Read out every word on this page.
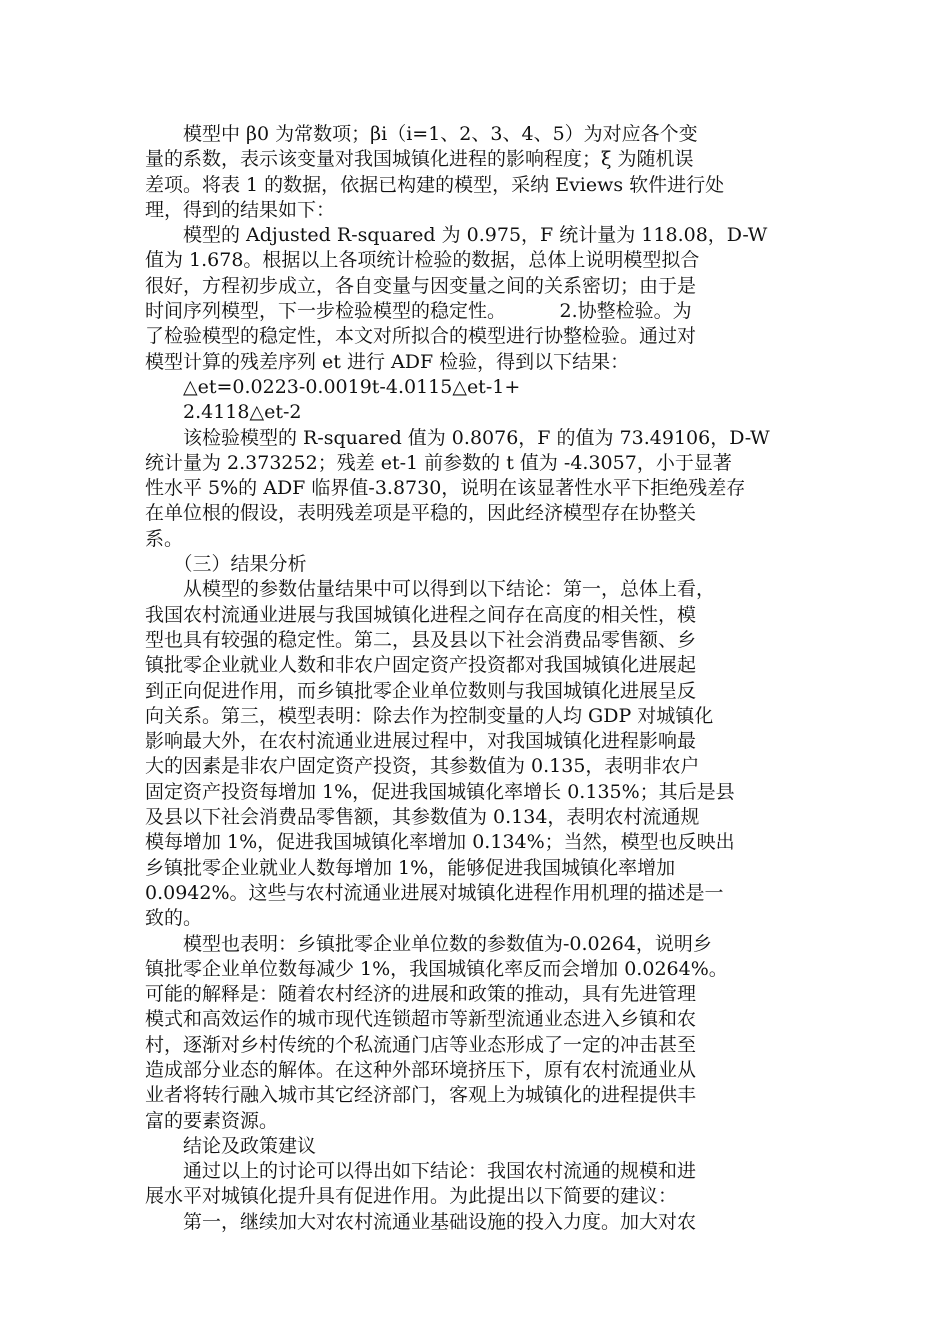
　　模型中 β0 为常数项；βi（i=1、2、3、4、5）为对应各个变
量的系数，表示该变量对我国城镇化进程的影响程度；ξ 为随机误
差项。将表 1 的数据，依据已构建的模型，采纳 Eviews 软件进行处
理，得到的结果如下：
　　模型的 Adjusted R-squared 为 0.975，F 统计量为 118.08，D-W
值为 1.678。根据以上各项统计检验的数据，总体上说明模型拟合
很好，方程初步成立，各自变量与因变量之间的关系密切；由于是
时间序列模型，下一步检验模型的稳定性。　　　 2.协整检验。为
了检验模型的稳定性，本文对所拟合的模型进行协整检验。通过对
模型计算的残差序列 et 进行 ADF 检验，得到以下结果：
　　△et=0.0223-0.0019t-4.0115△et-1+
　　2.4118△et-2
　　该检验模型的 R-squared 值为 0.8076，F 的值为 73.49106，D-W
统计量为 2.373252；残差 et-1 前参数的 t 值为 -4.3057，小于显著
性水平 5%的 ADF 临界值-3.8730，说明在该显著性水平下拒绝残差存
在单位根的假设，表明残差项是平稳的，因此经济模型存在协整关
系。
　　（三）结果分析
　　从模型的参数估量结果中可以得到以下结论：第一，总体上看，
我国农村流通业进展与我国城镇化进程之间存在高度的相关性，模
型也具有较强的稳定性。第二，县及县以下社会消费品零售额、乡
镇批零企业就业人数和非农户固定资产投资都对我国城镇化进展起
到正向促进作用，而乡镇批零企业单位数则与我国城镇化进展呈反
向关系。第三，模型表明：除去作为控制变量的人均 GDP 对城镇化
影响最大外，在农村流通业进展过程中，对我国城镇化进程影响最
大的因素是非农户固定资产投资，其参数值为 0.135，表明非农户
固定资产投资每增加 1%，促进我国城镇化率增长 0.135%；其后是县
及县以下社会消费品零售额，其参数值为 0.134，表明农村流通规
模每增加 1%，促进我国城镇化率增加 0.134%；当然，模型也反映出
乡镇批零企业就业人数每增加 1%，能够促进我国城镇化率增加
0.0942%。这些与农村流通业进展对城镇化进程作用机理的描述是一
致的。
　　模型也表明：乡镇批零企业单位数的参数值为-0.0264，说明乡
镇批零企业单位数每减少 1%，我国城镇化率反而会增加 0.0264%。
可能的解释是：随着农村经济的进展和政策的推动，具有先进管理
模式和高效运作的城市现代连锁超市等新型流通业态进入乡镇和农
村，逐渐对乡村传统的个私流通门店等业态形成了一定的冲击甚至
造成部分业态的解体。在这种外部环境挤压下，原有农村流通业从
业者将转行融入城市其它经济部门，客观上为城镇化的进程提供丰
富的要素资源。
　　结论及政策建议
　　通过以上的讨论可以得出如下结论：我国农村流通的规模和进
展水平对城镇化提升具有促进作用。为此提出以下简要的建议：
　　第一，继续加大对农村流通业基础设施的投入力度。加大对农
